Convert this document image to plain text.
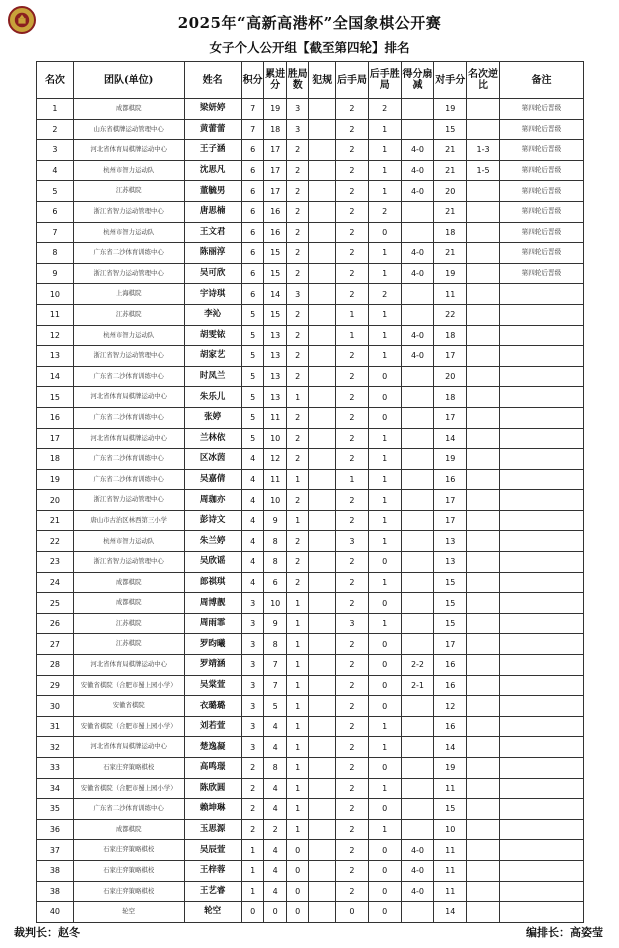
2025年“高新高港杯”全国象棋公开赛
女子个人公开组【截至第四轮】排名
名次	团队(单位)	姓名	积分	累进分	胜局数	犯规	后手局	后手胜局	得分扇减	对手分	名次逆比	备注
1	成都棋院	梁妍婷	7	19	3		2	2		19		第四轮后晋级
2	山东省棋牌运动管理中心	黄蕾蕾	7	18	3		2	1		15		第四轮后晋级
3	河北省体育局棋牌运动中心	王子涵	6	17	2		2	1	4-0	21	1-3	第四轮后晋级
4	杭州市智力运动队	沈思凡	6	17	2		2	1	4-0	21	1-5	第四轮后晋级
5	江苏棋院	董毓男	6	17	2		2	1	4-0	20		第四轮后晋级
6	浙江省智力运动管理中心	唐思楠	6	16	2		2	2		21		第四轮后晋级
7	杭州市智力运动队	王文君	6	16	2		2	0		18		第四轮后晋级
8	广东省二沙体育训练中心	陈丽淳	6	15	2		2	1	4-0	21		第四轮后晋级
9	浙江省智力运动管理中心	吴可欣	6	15	2		2	1	4-0	19		第四轮后晋级
10	上海棋院	宇诗琪	6	14	3		2	2		11		
11	江苏棋院	李沁	5	15	2		1	1		22		
12	杭州市智力运动队	胡雯铱	5	13	2		1	1	4-0	18		
13	浙江省智力运动管理中心	胡家艺	5	13	2		2	1	4-0	17		
14	广东省二沙体育训练中心	时凤兰	5	13	2		2	0		20		
15	河北省体育局棋牌运动中心	朱乐儿	5	13	1		2	0		18		
16	广东省二沙体育训练中心	张婷	5	11	2		2	0		17		
17	河北省体育局棋牌运动中心	兰林依	5	10	2		2	1		14		
18	广东省二沙体育训练中心	区冰茵	4	12	2		2	1		19		
19	广东省二沙体育训练中心	吴嘉倩	4	11	1		1	1		16		
20	浙江省智力运动管理中心	周珈亦	4	10	2		2	1		17		
21	唐山市古治区林西第三小学	彭诗文	4	9	1		2	1		17		
22	杭州市智力运动队	朱兰婷	4	8	2		3	1		13		
23	浙江省智力运动管理中心	吴欣谣	4	8	2		2	0		13		
24	成都棋院	郎祺琪	4	6	2		2	1		15		
25	成都棋院	周博靓	3	10	1		2	0		15		
26	江苏棋院	周雨霏	3	9	1		3	1		15		
27	江苏棋院	罗昀曦	3	8	1		2	0		17		
28	河北省体育局棋牌运动中心	罗靖涵	3	7	1		2	0	2-2	16		
29	安徽省棋院（合肥市蜀上园小学）	吴棠萱	3	7	1		2	0	2-1	16		
30	安徽省棋院	衣璐璐	3	5	1		2	0		12		
31	安徽省棋院（合肥市蜀上园小学）	刘若萱	3	4	1		2	1		16		
32	河北省体育局棋牌运动中心	楚逸凝	3	4	1		2	1		14		
33	石家庄弈策略棋校	高鸣璟	2	8	1		2	0		19		
34	安徽省棋院（合肥市蜀上园小学）	陈欣圆	2	4	1		2	1		11		
35	广东省二沙体育训练中心	赖坤琳	2	4	1		2	0		15		
36	成都棋院	玉思源	2	2	1		2	1		10		
37	石家庄弈策略棋校	吴辰萱	1	4	0		2	0	4-0	11		
38	石家庄弈策略棋校	王梓蓉	1	4	0		2	0	4-0	11		
38	石家庄弈策略棋校	王艺睿	1	4	0		2	0	4-0	11		
40	轮空	轮空	0	0	0		0	0		14		
裁判长：赵冬	编排长：高姿莹
